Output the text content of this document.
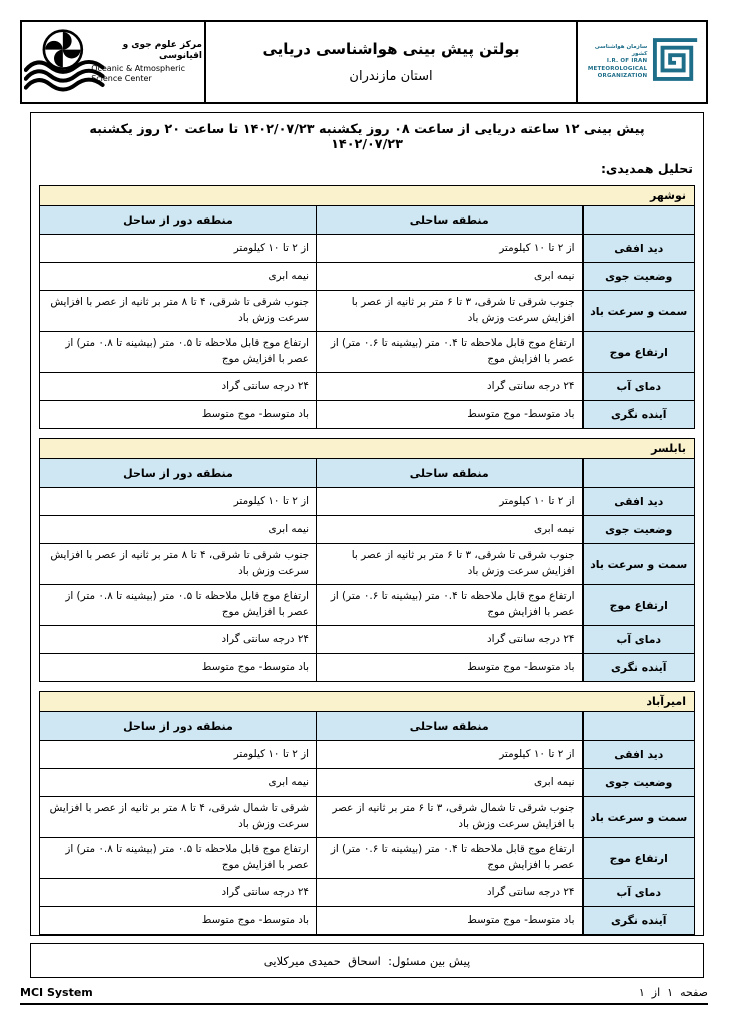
مرکز علوم جوی و اقیانوسی
Oceanic & Atmospheric
Science Center
بولتن پیش بینی هواشناسی دریایی
استان مازندران
سازمان هواشناسی کشور
I.R. OF IRAN
METEOROLOGICAL
ORGANIZATION
پیش بینی ۱۲ ساعته دریایی از ساعت ۰۸ روز یکشنبه ۱۴۰۲/۰۷/۲۳ تا ساعت ۲۰ روز یکشنبه ۱۴۰۲/۰۷/۲۳
تحلیل همدیدی:
نوشهر		
	منطقه ساحلی	منطقه دور از ساحل
دید افقی	از ۲ تا ۱۰ کیلومتر	از ۲ تا ۱۰ کیلومتر
وضعیت جوی	نیمه ابری	نیمه ابری
سمت و سرعت باد	جنوب شرقی تا شرقی، ۳ تا ۶ متر بر ثانیه از عصر با افزایش سرعت وزش باد	جنوب شرقی تا شرقی، ۴ تا ۸ متر بر ثانیه از عصر با افزایش سرعت وزش باد
ارتفاع موج	ارتفاع موج قابل ملاحظه تا ۰.۴ متر (بیشینه تا ۰.۶ متر) از عصر با افزایش موج	ارتفاع موج قابل ملاحظه تا ۰.۵ متر (بیشینه تا ۰.۸ متر) از عصر با افزایش موج
دمای آب	۲۴ درجه سانتی گراد	۲۴ درجه سانتی گراد
آینده نگری	باد متوسط- موج متوسط	باد متوسط- موج متوسط
بابلسر		
	منطقه ساحلی	منطقه دور از ساحل
دید افقی	از ۲ تا ۱۰ کیلومتر	از ۲ تا ۱۰ کیلومتر
وضعیت جوی	نیمه ابری	نیمه ابری
سمت و سرعت باد	جنوب شرقی تا شرقی، ۳ تا ۶ متر بر ثانیه از عصر با افزایش سرعت وزش باد	جنوب شرقی تا شرقی، ۴ تا ۸ متر بر ثانیه از عصر با افزایش سرعت وزش باد
ارتفاع موج	ارتفاع موج قابل ملاحظه تا ۰.۴ متر (بیشینه تا ۰.۶ متر) از عصر با افزایش موج	ارتفاع موج قابل ملاحظه تا ۰.۵ متر (بیشینه تا ۰.۸ متر) از عصر با افزایش موج
دمای آب	۲۴ درجه سانتی گراد	۲۴ درجه سانتی گراد
آینده نگری	باد متوسط- موج متوسط	باد متوسط- موج متوسط
امیرآباد		
	منطقه ساحلی	منطقه دور از ساحل
دید افقی	از ۲ تا ۱۰ کیلومتر	از ۲ تا ۱۰ کیلومتر
وضعیت جوی	نیمه ابری	نیمه ابری
سمت و سرعت باد	جنوب شرقی تا شمال شرقی، ۳ تا ۶ متر بر ثانیه از عصر با افزایش سرعت وزش باد	شرقی تا شمال شرقی، ۴ تا ۸ متر بر ثانیه از عصر با افزایش سرعت وزش باد
ارتفاع موج	ارتفاع موج قابل ملاحظه تا ۰.۴ متر (بیشینه تا ۰.۶ متر) از عصر با افزایش موج	ارتفاع موج قابل ملاحظه تا ۰.۵ متر (بیشینه تا ۰.۸ متر) از عصر با افزایش موج
دمای آب	۲۴ درجه سانتی گراد	۲۴ درجه سانتی گراد
آینده نگری	باد متوسط- موج متوسط	باد متوسط- موج متوسط
پیش بین مسئول:  اسحاق  حمیدی میرکلایی
MCI System	صفحه  ۱  از  ۱
